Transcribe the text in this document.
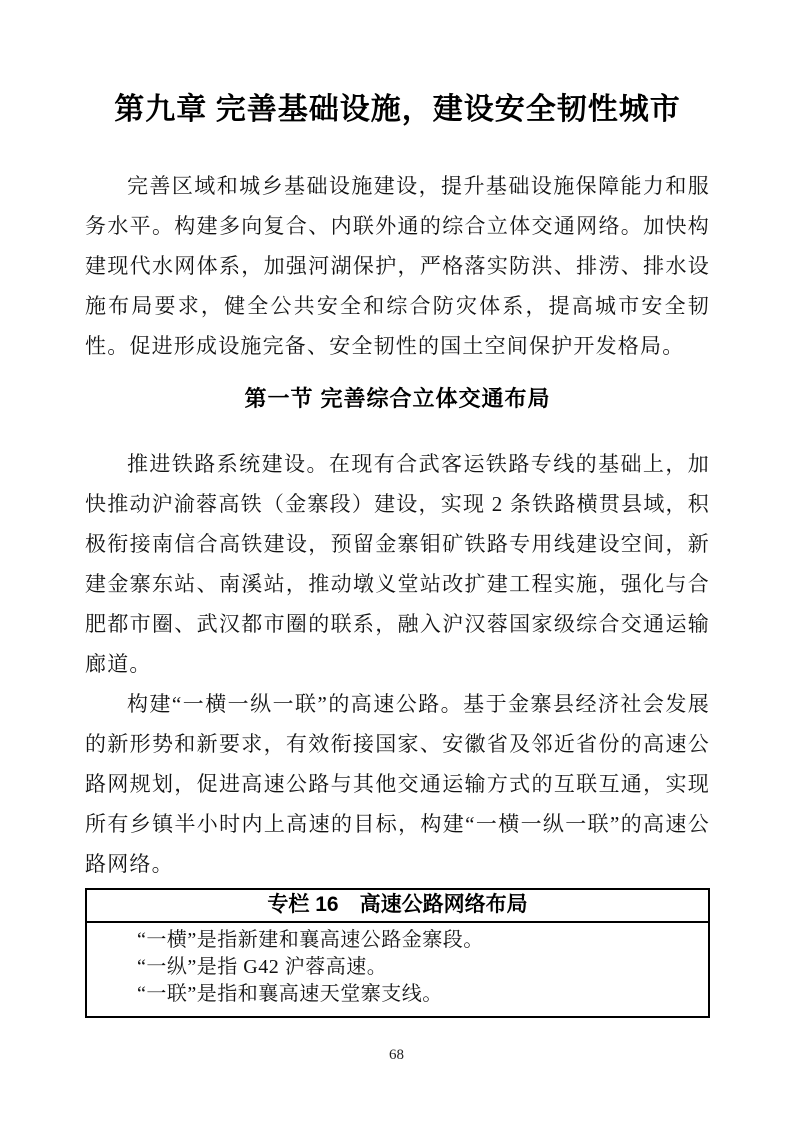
第九章 完善基础设施，建设安全韧性城市

完善区域和城乡基础设施建设，提升基础设施保障能力和服务水平。构建多向复合、内联外通的综合立体交通网络。加快构建现代水网体系，加强河湖保护，严格落实防洪、排涝、排水设施布局要求，健全公共安全和综合防灾体系，提高城市安全韧性。促进形成设施完备、安全韧性的国土空间保护开发格局。

第一节 完善综合立体交通布局

推进铁路系统建设。在现有合武客运铁路专线的基础上，加快推动沪渝蓉高铁（金寨段）建设，实现 2 条铁路横贯县域，积极衔接南信合高铁建设，预留金寨钼矿铁路专用线建设空间，新建金寨东站、南溪站，推动墩义堂站改扩建工程实施，强化与合肥都市圈、武汉都市圈的联系，融入沪汉蓉国家级综合交通运输廊道。

构建“一横一纵一联”的高速公路。基于金寨县经济社会发展的新形势和新要求，有效衔接国家、安徽省及邻近省份的高速公路网规划，促进高速公路与其他交通运输方式的互联互通，实现所有乡镇半小时内上高速的目标，构建“一横一纵一联”的高速公路网络。

专栏 16　高速公路网络布局
“一横”是指新建和襄高速公路金寨段。
“一纵”是指 G42 沪蓉高速。
“一联”是指和襄高速天堂寨支线。
68
